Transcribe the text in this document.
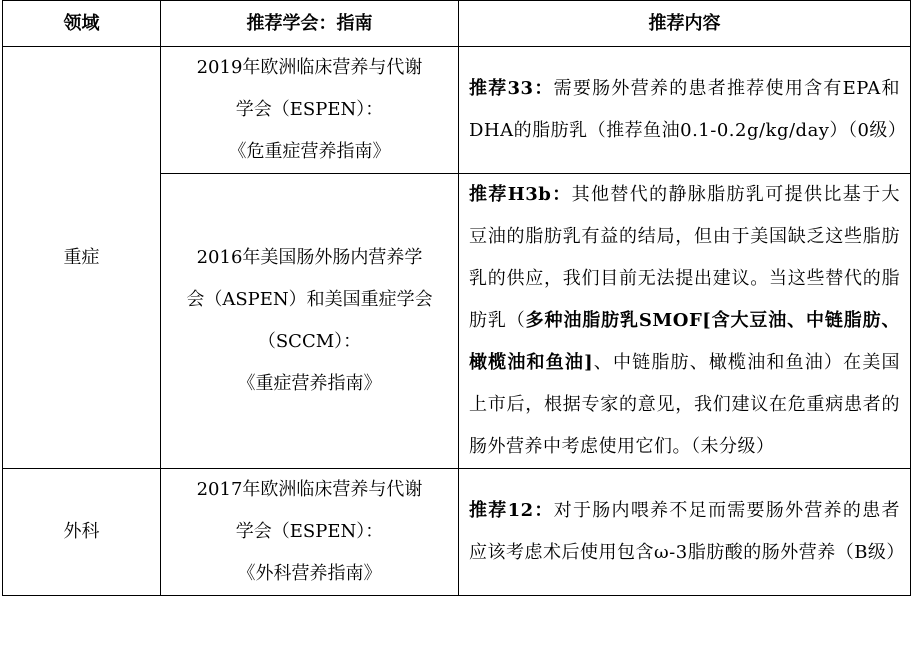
领域	推荐学会：指南	推荐内容
重症	2019年欧洲临床营养与代谢
学会（ESPEN）：
《危重症营养指南》	推荐33：需要肠外营养的患者推荐使用含有EPA和DHA的脂肪乳（推荐鱼油0.1-0.2g/kg/day）（0级）

	2016年美国肠外肠内营养学
会（ASPEN）和美国重症学会
（SCCM）：
《重症营养指南》	推荐H3b：其他替代的静脉脂肪乳可提供比基于大豆油的脂肪乳有益的结局，但由于美国缺乏这些脂肪乳的供应，我们目前无法提出建议。当这些替代的脂肪乳（多种油脂肪乳SMOF[含大豆油、中链脂肪、橄榄油和鱼油]、中链脂肪、橄榄油和鱼油）在美国上市后，根据专家的意见，我们建议在危重病患者的肠外营养中考虑使用它们。（未分级）
外科	2017年欧洲临床营养与代谢
学会（ESPEN）：
《外科营养指南》	推荐12：对于肠内喂养不足而需要肠外营养的患者应该考虑术后使用包含ω-3脂肪酸的肠外营养（B级）
